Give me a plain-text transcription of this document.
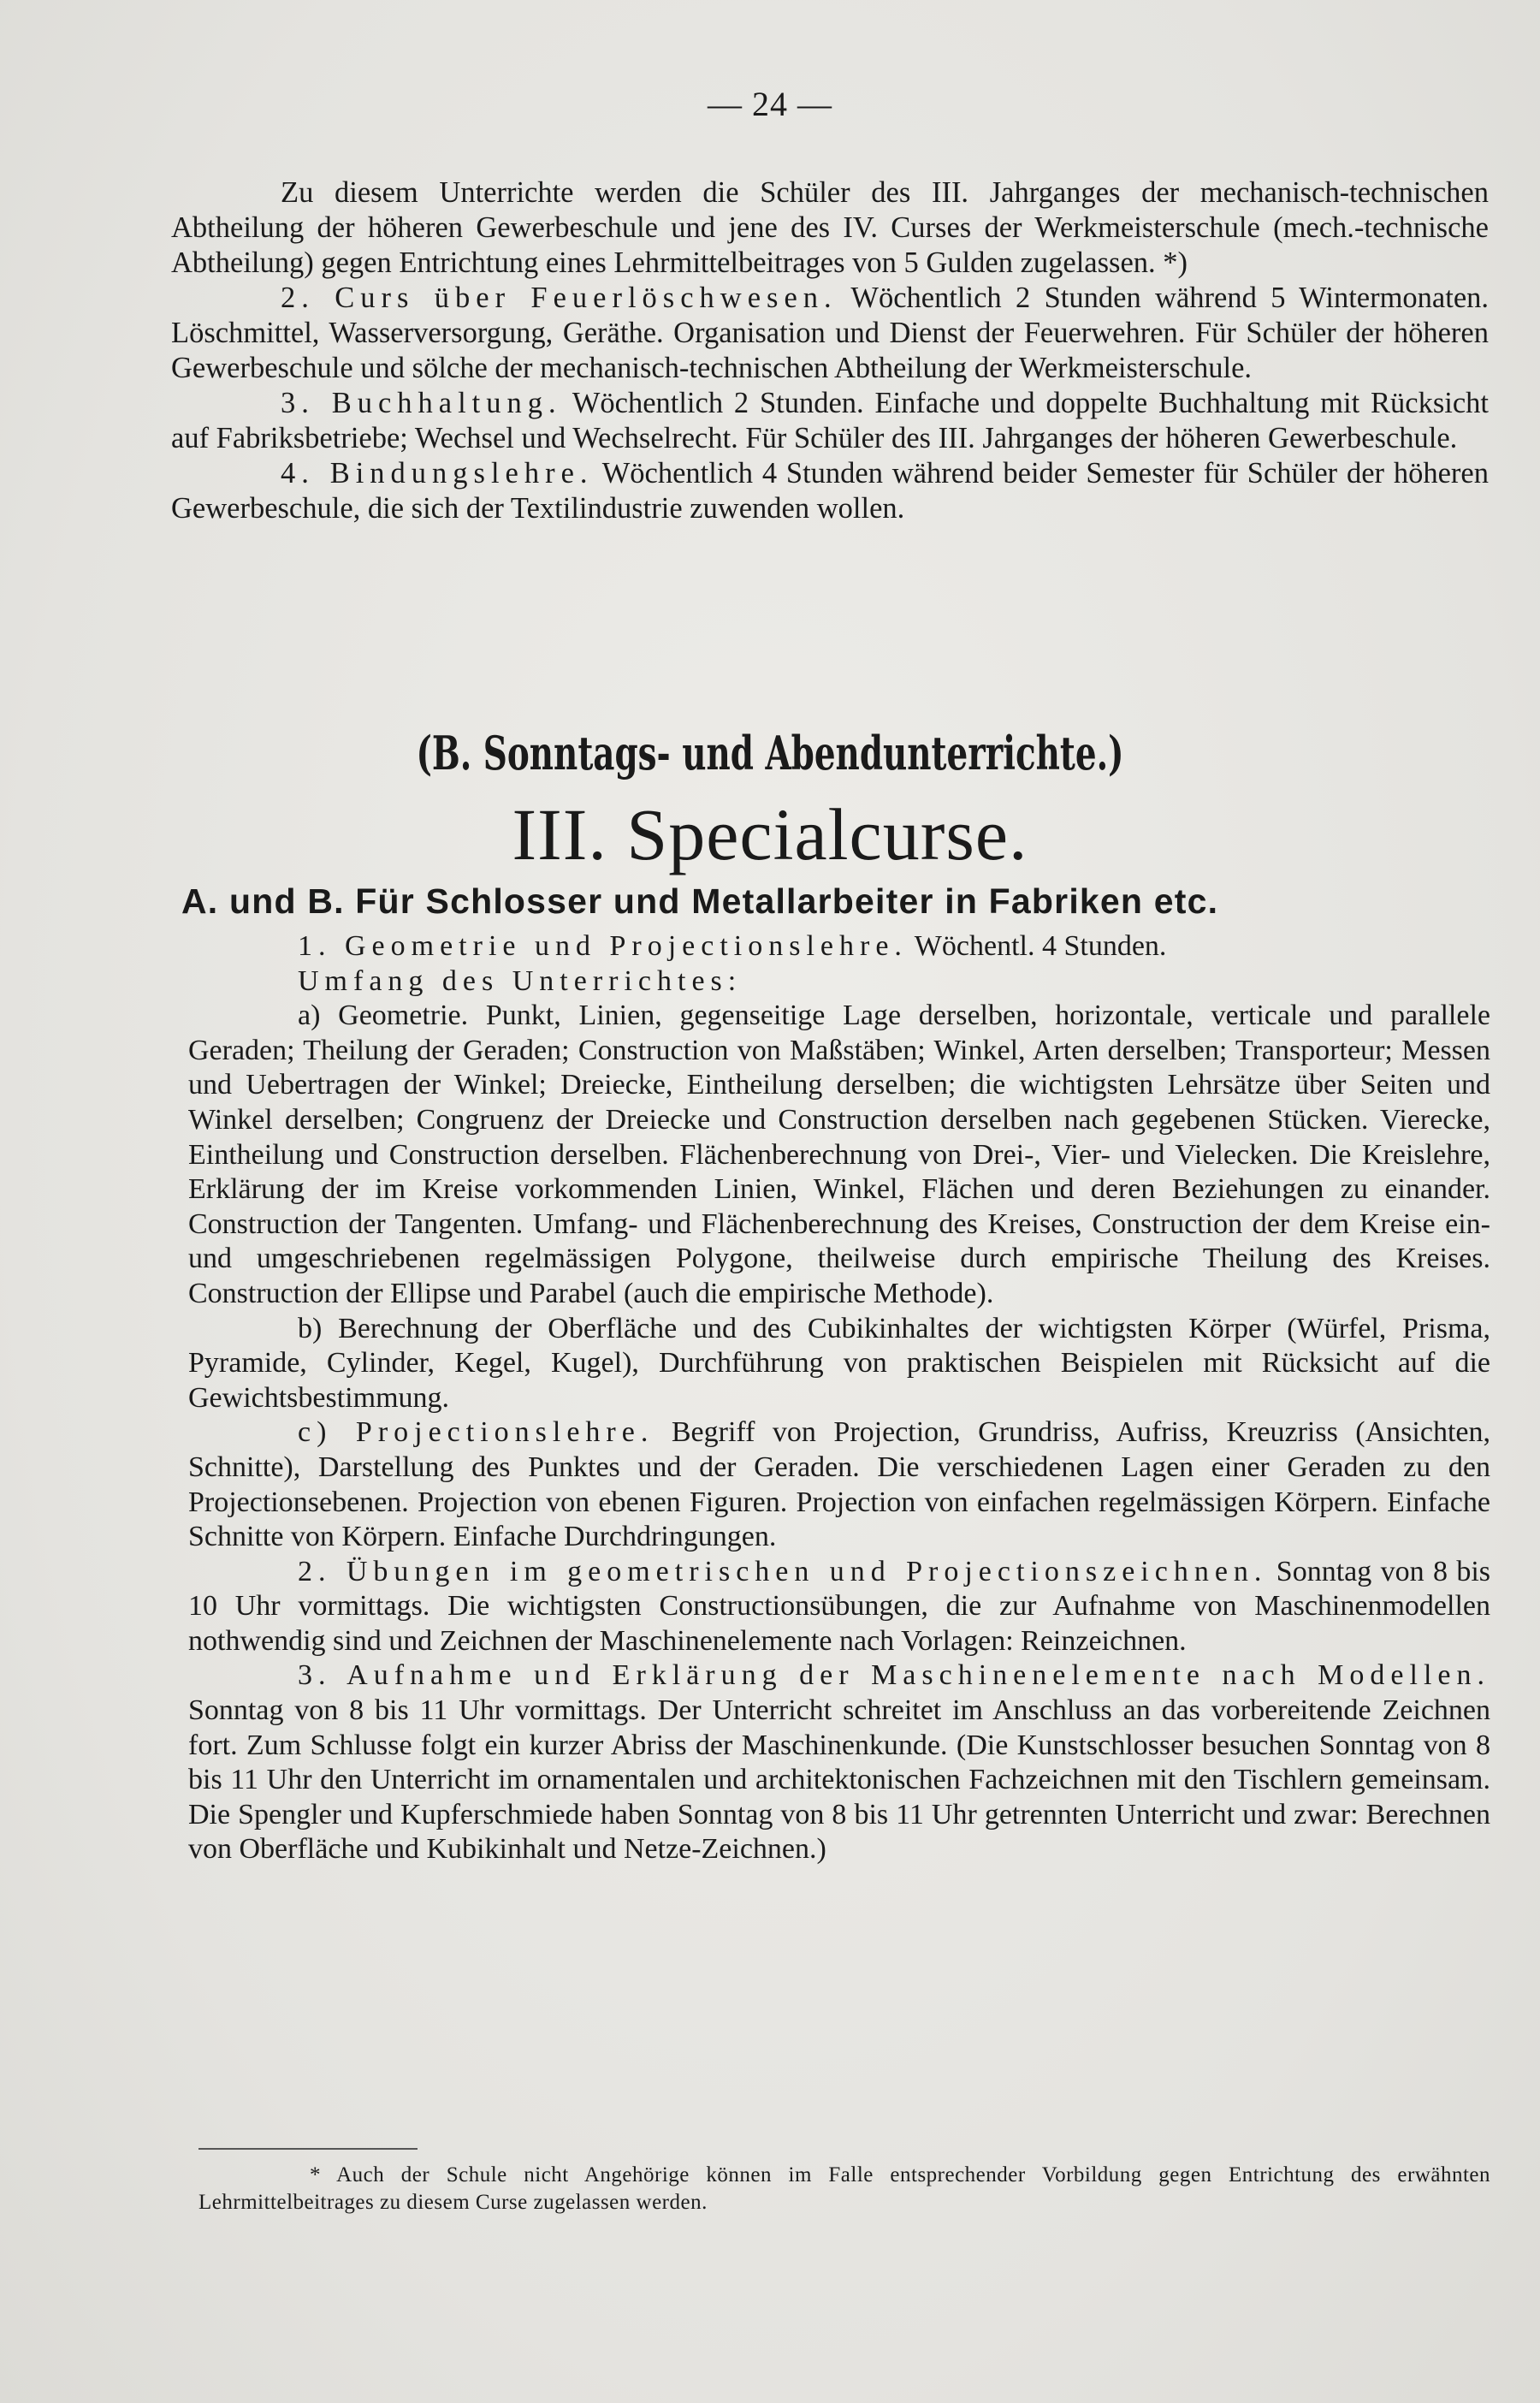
— 24 —

Zu diesem Unterrichte werden die Schüler des III. Jahrganges der mechanisch-technischen Abtheilung der höheren Gewerbeschule und jene des IV. Curses der Werkmeisterschule (mech.-technische Abtheilung) gegen Entrichtung eines Lehrmittelbeitrages von 5 Gulden zugelassen. *)

2. Curs über Feuerlöschwesen. Wöchentlich 2 Stunden während 5 Wintermonaten. Löschmittel, Wasserversorgung, Geräthe. Organisation und Dienst der Feuerwehren. Für Schüler der höheren Gewerbeschule und sölche der mechanisch-technischen Abtheilung der Werkmeisterschule.

3. Buchhaltung. Wöchentlich 2 Stunden. Einfache und doppelte Buchhaltung mit Rücksicht auf Fabriksbetriebe; Wechsel und Wechselrecht. Für Schüler des III. Jahrganges der höheren Gewerbeschule.

4. Bindungslehre. Wöchentlich 4 Stunden während beider Semester für Schüler der höheren Gewerbeschule, die sich der Textilindustrie zuwenden wollen.

(B. Sonntags- und Abendunterrichte.)
III. Specialcurse.
A. und B. Für Schlosser und Metallarbeiter in Fabriken etc.

1. Geometrie und Projectionslehre. Wöchentl. 4 Stunden.

Umfang des Unterrichtes:

a) Geometrie. Punkt, Linien, gegenseitige Lage derselben, horizontale, verticale und parallele Geraden; Theilung der Geraden; Construction von Maßstäben; Winkel, Arten derselben; Transporteur; Messen und Uebertragen der Winkel; Dreiecke, Eintheilung derselben; die wichtigsten Lehrsätze über Seiten und Winkel derselben; Congruenz der Dreiecke und Construction derselben nach gegebenen Stücken. Vierecke, Eintheilung und Construction derselben. Flächenberechnung von Drei-, Vier- und Vielecken. Die Kreislehre, Erklärung der im Kreise vorkommenden Linien, Winkel, Flächen und deren Beziehungen zu einander. Construction der Tangenten. Umfang- und Flächenberechnung des Kreises, Construction der dem Kreise ein- und umgeschriebenen regelmässigen Polygone, theilweise durch empirische Theilung des Kreises. Construction der Ellipse und Parabel (auch die empirische Methode).

b) Berechnung der Oberfläche und des Cubikinhaltes der wichtigsten Körper (Würfel, Prisma, Pyramide, Cylinder, Kegel, Kugel), Durchführung von praktischen Beispielen mit Rücksicht auf die Gewichtsbestimmung.

c) Projectionslehre. Begriff von Projection, Grundriss, Aufriss, Kreuzriss (Ansichten, Schnitte), Darstellung des Punktes und der Geraden. Die verschiedenen Lagen einer Geraden zu den Projectionsebenen. Projection von ebenen Figuren. Projection von einfachen regelmässigen Körpern. Einfache Schnitte von Körpern. Einfache Durchdringungen.

2. Übungen im geometrischen und Projectionszeichnen. Sonntag von 8 bis 10 Uhr vormittags. Die wichtigsten Constructionsübungen, die zur Aufnahme von Maschinenmodellen nothwendig sind und Zeichnen der Maschinenelemente nach Vorlagen: Reinzeichnen.

3. Aufnahme und Erklärung der Maschinenelemente nach Modellen. Sonntag von 8 bis 11 Uhr vormittags. Der Unterricht schreitet im Anschluss an das vorbereitende Zeichnen fort. Zum Schlusse folgt ein kurzer Abriss der Maschinenkunde. (Die Kunstschlosser besuchen Sonntag von 8 bis 11 Uhr den Unterricht im ornamentalen und architektonischen Fachzeichnen mit den Tischlern gemeinsam. Die Spengler und Kupferschmiede haben Sonntag von 8 bis 11 Uhr getrennten Unterricht und zwar: Berechnen von Oberfläche und Kubikinhalt und Netze-Zeichnen.)

* Auch der Schule nicht Angehörige können im Falle entsprechender Vorbildung gegen Entrichtung des erwähnten Lehrmittelbeitrages zu diesem Curse zugelassen werden.
